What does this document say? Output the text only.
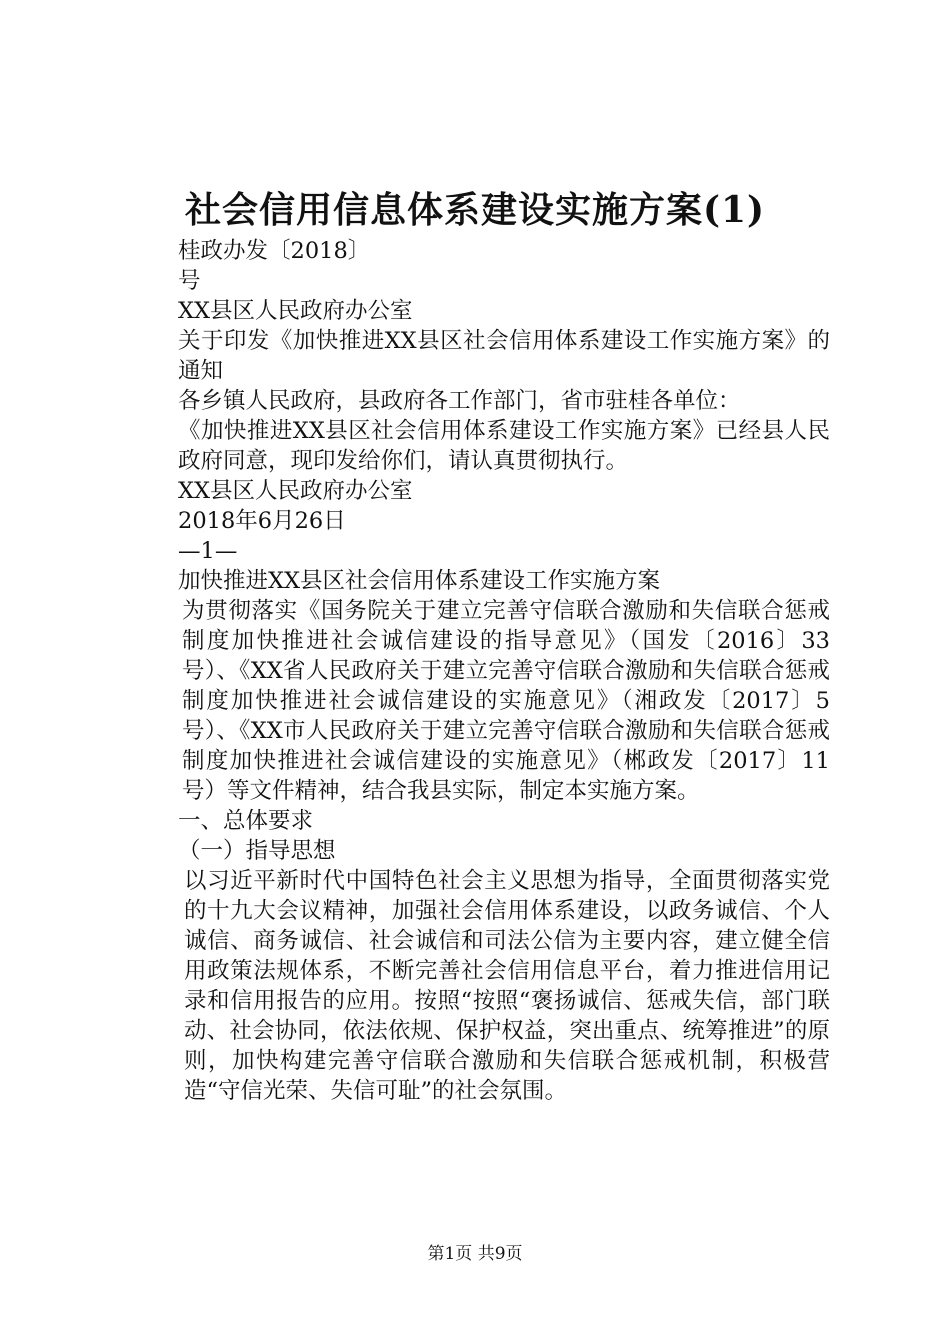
社会信用信息体系建设实施方案(1)

桂政办发〔2018〕

号

XX县区人民政府办公室

关于印发《加快推进XX县区社会信用体系建设工作实施方案》的通知

各乡镇人民政府，县政府各工作部门，省市驻桂各单位：

《加快推进XX县区社会信用体系建设工作实施方案》已经县人民政府同意，现印发给你们，请认真贯彻执行。

XX县区人民政府办公室

2018年6月26日

—1—

加快推进XX县区社会信用体系建设工作实施方案

为贯彻落实《国务院关于建立完善守信联合激励和失信联合惩戒制度加快推进社会诚信建设的指导意见》（国发〔2016〕33号）、《XX省人民政府关于建立完善守信联合激励和失信联合惩戒制度加快推进社会诚信建设的实施意见》（湘政发〔2017〕5号）、《XX市人民政府关于建立完善守信联合激励和失信联合惩戒制度加快推进社会诚信建设的实施意见》（郴政发〔2017〕11号）等文件精神，结合我县实际，制定本实施方案。

一、总体要求

（一）指导思想

以习近平新时代中国特色社会主义思想为指导，全面贯彻落实党的十九大会议精神，加强社会信用体系建设，以政务诚信、个人诚信、商务诚信、社会诚信和司法公信为主要内容，建立健全信用政策法规体系，不断完善社会信用信息平台，着力推进信用记录和信用报告的应用。按照“按照“褒扬诚信、惩戒失信，部门联动、社会协同，依法依规、保护权益，突出重点、统筹推进”的原则，加快构建完善守信联合激励和失信联合惩戒机制，积极营造“守信光荣、失信可耻”的社会氛围。

第1页 共9页
